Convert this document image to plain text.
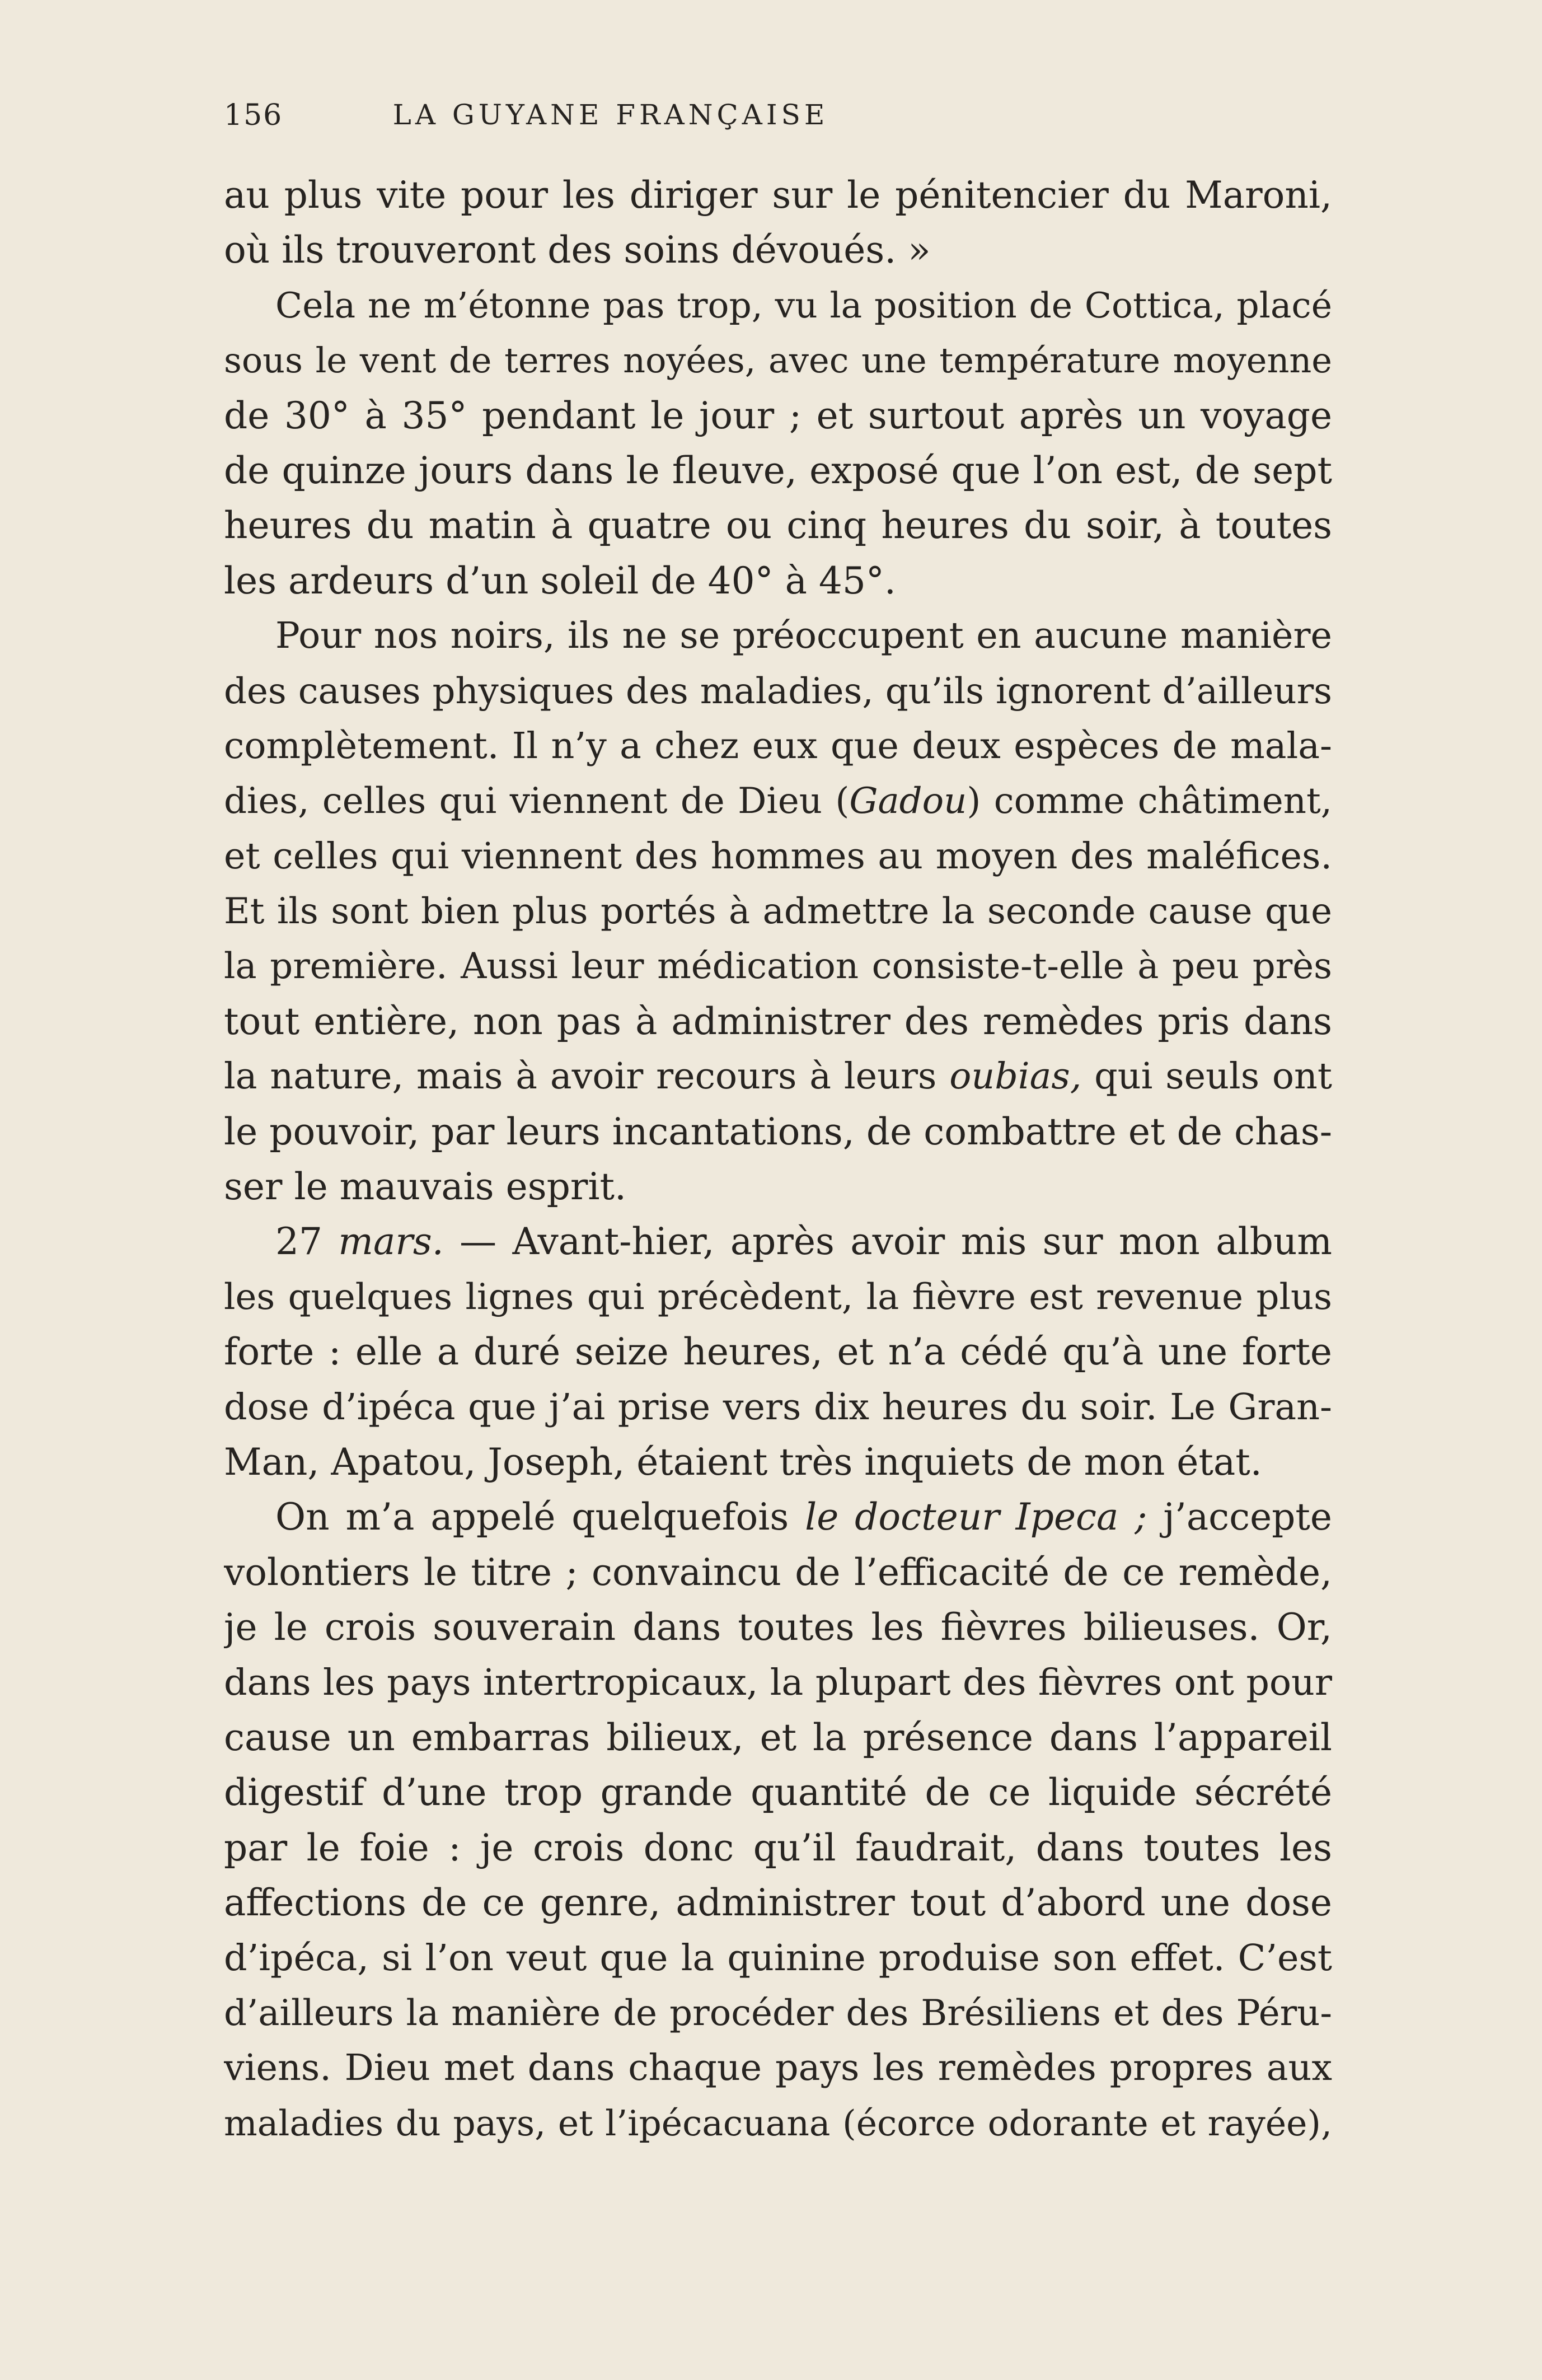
156	LA GUYANE FRANÇAISE
au plus vite pour les diriger sur le pénitencier du Maroni,
où ils trouveront des soins dévoués. »
Cela ne m’étonne pas trop, vu la position de Cottica, placé
sous le vent de terres noyées, avec une température moyenne
de 30° à 35° pendant le jour ; et surtout après un voyage
de quinze jours dans le fleuve, exposé que l’on est, de sept
heures du matin à quatre ou cinq heures du soir, à toutes
les ardeurs d’un soleil de 40° à 45°.
Pour nos noirs, ils ne se préoccupent en aucune manière
des causes physiques des maladies, qu’ils ignorent d’ailleurs
complètement. Il n’y a chez eux que deux espèces de mala-
dies, celles qui viennent de Dieu (Gadou) comme châtiment,
et celles qui viennent des hommes au moyen des maléfices.
Et ils sont bien plus portés à admettre la seconde cause que
la première. Aussi leur médication consiste-t-elle à peu près
tout entière, non pas à administrer des remèdes pris dans
la nature, mais à avoir recours à leurs oubias, qui seuls ont
le pouvoir, par leurs incantations, de combattre et de chas-
ser le mauvais esprit.
27 mars. — Avant-hier, après avoir mis sur mon album
les quelques lignes qui précèdent, la fièvre est revenue plus
forte : elle a duré seize heures, et n’a cédé qu’à une forte
dose d’ipéca que j’ai prise vers dix heures du soir. Le Gran-
Man, Apatou, Joseph, étaient très inquiets de mon état.
On m’a appelé quelquefois le docteur Ipeca ; j’accepte
volontiers le titre ; convaincu de l’efficacité de ce remède,
je le crois souverain dans toutes les fièvres bilieuses. Or,
dans les pays intertropicaux, la plupart des fièvres ont pour
cause un embarras bilieux, et la présence dans l’appareil
digestif d’une trop grande quantité de ce liquide sécrété
par le foie : je crois donc qu’il faudrait, dans toutes les
affections de ce genre, administrer tout d’abord une dose
d’ipéca, si l’on veut que la quinine produise son effet. C’est
d’ailleurs la manière de procéder des Brésiliens et des Péru-
viens. Dieu met dans chaque pays les remèdes propres aux
maladies du pays, et l’ipécacuana (écorce odorante et rayée),
